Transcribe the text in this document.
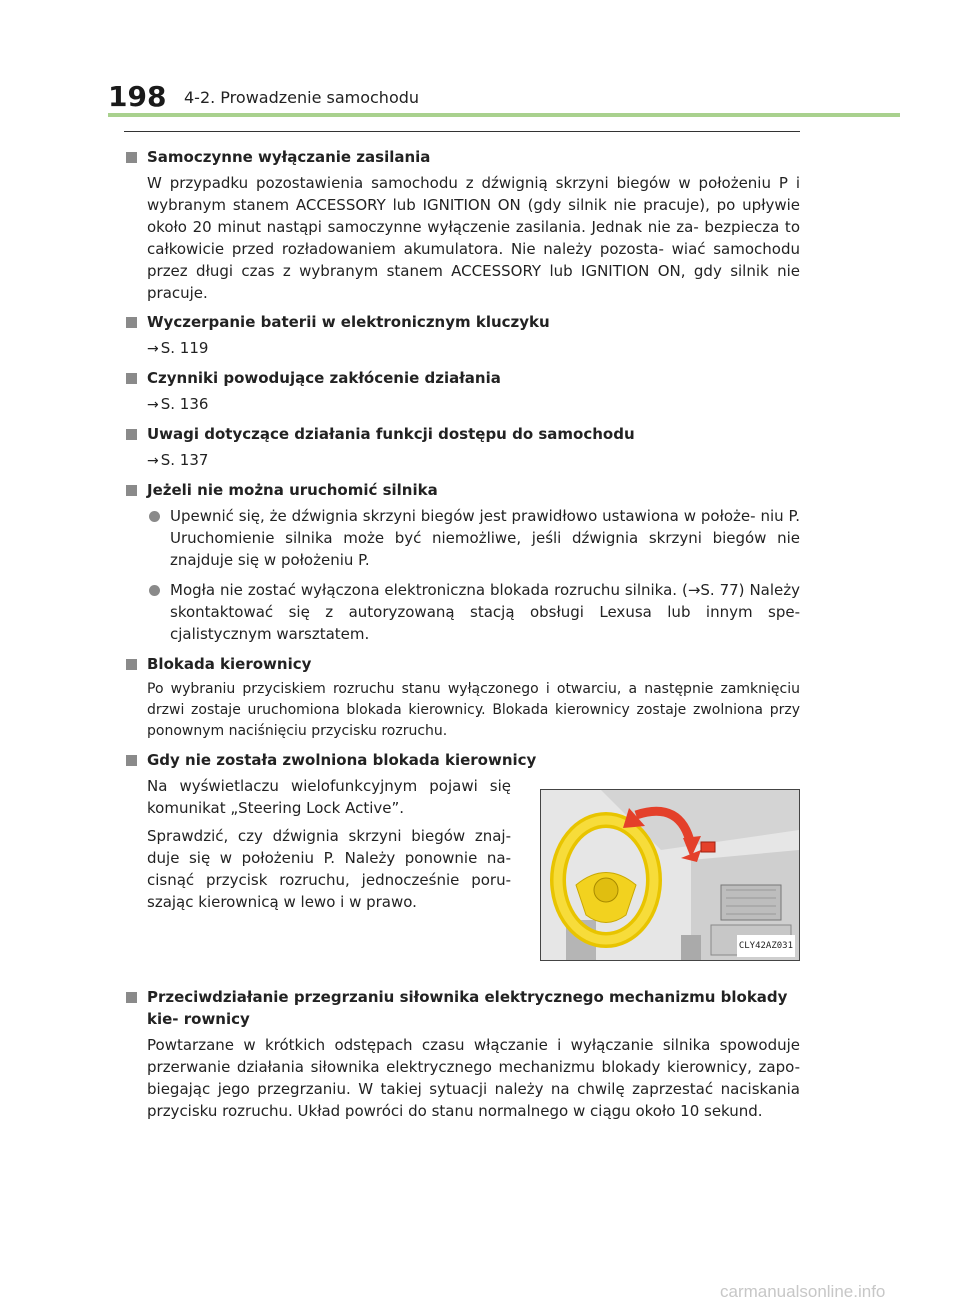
198 4-2. Prowadzenie samochodu
Samoczynne wyłączanie zasilania

W przypadku pozostawienia samochodu z dźwignią skrzyni biegów w położeniu P i wybranym stanem ACCESSORY lub IGNITION ON (gdy silnik nie pracuje), po upływie około 20 minut nastąpi samoczynne wyłączenie zasilania. Jednak nie za- bezpiecza to całkowicie przed rozładowaniem akumulatora. Nie należy pozosta- wiać samochodu przez długi czas z wybranym stanem ACCESSORY lub IGNITION ON, gdy silnik nie pracuje.

Wyczerpanie baterii w elektronicznym kluczyku
→ S. 119
Czynniki powodujące zakłócenie działania
→ S. 136
Uwagi dotyczące działania funkcji dostępu do samochodu
→ S. 137
Jeżeli nie można uruchomić silnika
Upewnić się, że dźwignia skrzyni biegów jest prawidłowo ustawiona w położe- niu P. Uruchomienie silnika może być niemożliwe, jeśli dźwignia skrzyni biegów nie znajduje się w położeniu P.
Mogła nie zostać wyłączona elektroniczna blokada rozruchu silnika. (→S. 77) Należy skontaktować się z autoryzowaną stacją obsługi Lexusa lub innym spe- cjalistycznym warsztatem.
Blokada kierownicy

Po wybraniu przyciskiem rozruchu stanu wyłączonego i otwarciu, a następnie zamknięciu drzwi zostaje uruchomiona blokada kierownicy. Blokada kierownicy zostaje zwolniona przy ponownym naciśnięciu przycisku rozruchu.

Gdy nie została zwolniona blokada kierownicy

Na wyświetlaczu wielofunkcyjnym pojawi się komunikat „Steering Lock Active”.

Sprawdzić, czy dźwignia skrzyni biegów znaj- duje się w położeniu P. Należy ponownie na- cisnąć przycisk rozruchu, jednocześnie poru- szając kierownicą w lewo i w prawo.

CLY42AZ031
Przeciwdziałanie przegrzaniu siłownika elektrycznego mechanizmu blokady kie- rownicy

Powtarzane w krótkich odstępach czasu włączanie i wyłączanie silnika spowoduje przerwanie działania siłownika elektrycznego mechanizmu blokady kierownicy, zapo- biegając jego przegrzaniu. W takiej sytuacji należy na chwilę zaprzestać naciskania przycisku rozruchu. Układ powróci do stanu normalnego w ciągu około 10 sekund.

carmanualsonline.info
